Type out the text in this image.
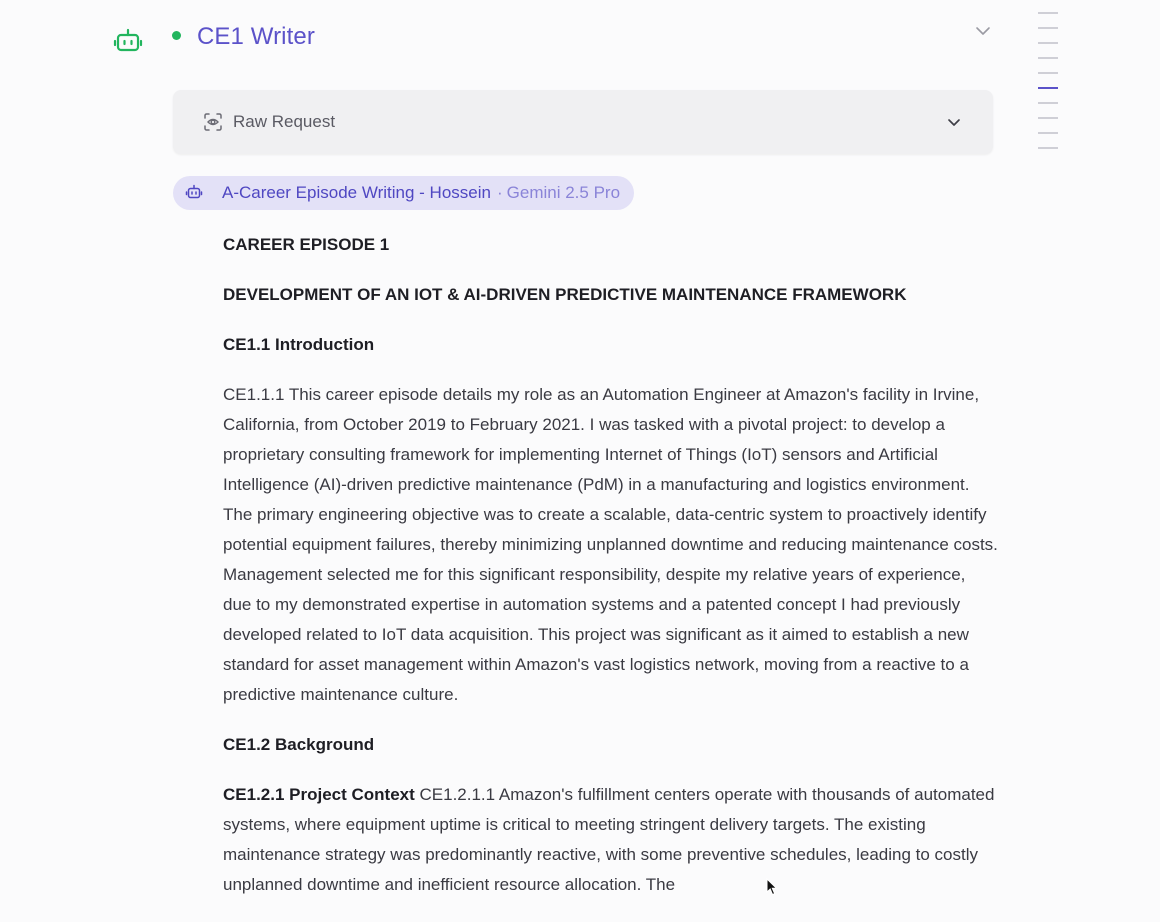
CE1 Writer
Raw Request
A-Career Episode Writing - Hossein · Gemini 2.5 Pro

CAREER EPISODE 1

DEVELOPMENT OF AN IOT & AI-DRIVEN PREDICTIVE MAINTENANCE FRAMEWORK

CE1.1 Introduction

CE1.1.1 This career episode details my role as an Automation Engineer at Amazon's facility in Irvine, California, from October 2019 to February 2021. I was tasked with a pivotal project: to develop a proprietary consulting framework for implementing Internet of Things (IoT) sensors and Artificial Intelligence (AI)-driven predictive maintenance (PdM) in a manufacturing and logistics environment. The primary engineering objective was to create a scalable, data-centric system to proactively identify potential equipment failures, thereby minimizing unplanned downtime and reducing maintenance costs. Management selected me for this significant responsibility, despite my relative years of experience, due to my demonstrated expertise in automation systems and a patented concept I had previously developed related to IoT data acquisition. This project was significant as it aimed to establish a new standard for asset management within Amazon's vast logistics network, moving from a reactive to a predictive maintenance culture.

CE1.2 Background

CE1.2.1 Project Context CE1.2.1.1 Amazon's fulfillment centers operate with thousands of automated systems, where equipment uptime is critical to meeting stringent delivery targets. The existing maintenance strategy was predominantly reactive, with some preventive schedules, leading to costly unplanned downtime and inefficient resource allocation. The
